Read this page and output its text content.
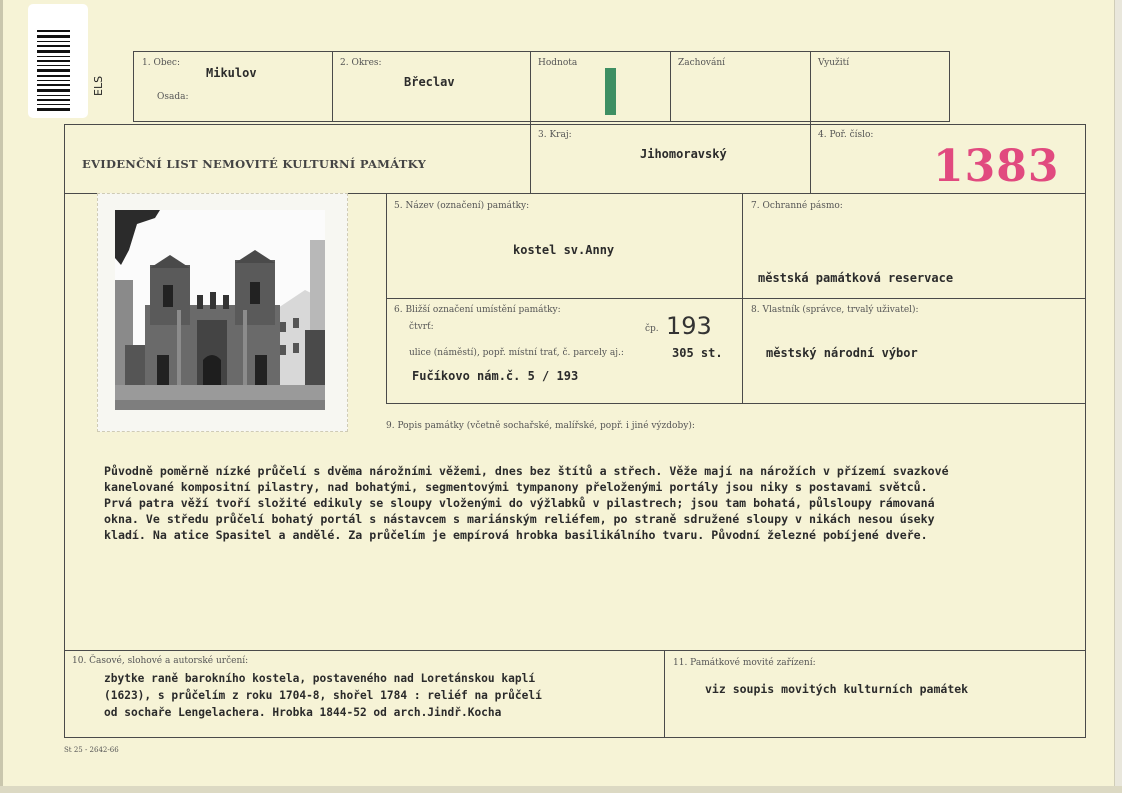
ELS
1. Obec:
Mikulov
Osada:
2. Okres:
Břeclav
Hodnota	Zachování	Využití
EVIDENČNÍ LIST NEMOVITÉ KULTURNÍ PAMÁTKY
3. Kraj:
Jihomoravský
4. Poř. číslo:
1383
5. Název (označení) památky:
kostel sv.Anny
7. Ochranné pásmo:
městská památková reservace
6. Bližší označení umístění památky:
čtvrť:	čp. 193
ulice (náměstí), popř. místní trať, č. parcely aj.:	305 st.
Fučíkovo nám.č. 5 / 193
8. Vlastník (správce, trvalý uživatel):
městský národní výbor
9. Popis památky (včetně sochařské, malířské, popř. i jiné výzdoby):
Původně poměrně nízké průčelí s dvěma nárožními věžemi, dnes bez štítů a střech. Věže mají na nárožích v přízemí svazkové
kanelované kompositní pilastry, nad bohatými, segmentovými tympanony přeloženými portály jsou niky s postavami světců.
Prvá patra věží tvoří složité edikuly se sloupy vloženými do výžlabků v pilastrech; jsou tam bohatá, půlsloupy rámovaná
okna. Ve středu průčelí bohatý portál s nástavcem s mariánským reliéfem, po straně sdružené sloupy v nikách nesou úseky
kladí. Na atice Spasitel a andělé. Za průčelím je empírová hrobka basilikálního tvaru. Původní železné pobíjené dveře.
10. Časové, slohové a autorské určení:
zbytke raně barokního kostela, postaveného nad Loretánskou kaplí
(1623), s průčelím z roku 1704-8, shořel 1784 : reliéf na průčelí
od sochaře Lengelachera. Hrobka 1844-52 od arch.Jindř.Kocha
11. Památkové movité zařízení:
viz soupis movitých kulturních památek
St 25 - 2642-66
